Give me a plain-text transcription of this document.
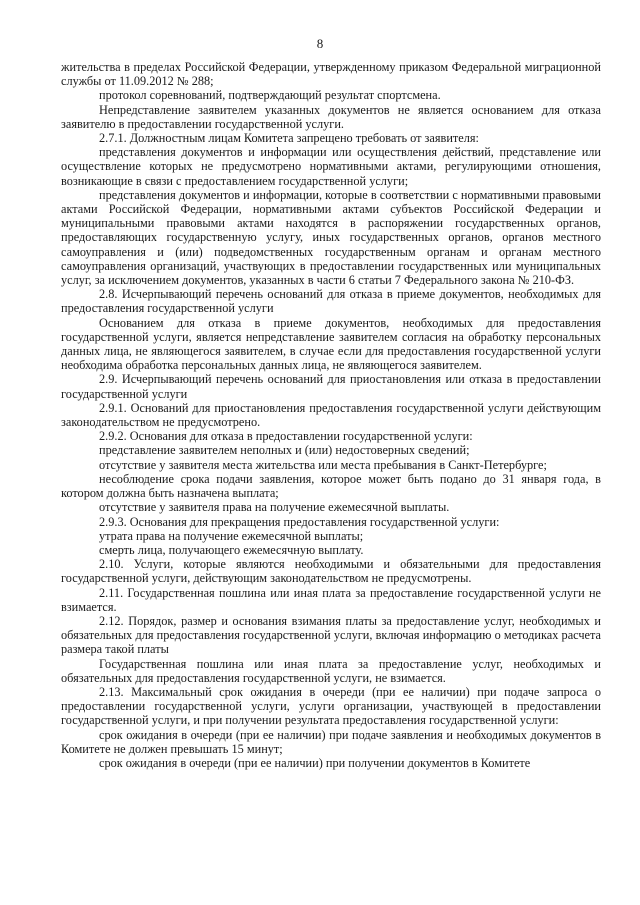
8

жительства в пределах Российской Федерации, утвержденному приказом Федеральной миграционной службы от 11.09.2012 № 288;

протокол соревнований, подтверждающий результат спортсмена.

Непредставление заявителем указанных документов не является основанием для отказа заявителю в предоставлении государственной услуги.

2.7.1. Должностным лицам Комитета запрещено требовать от заявителя:

представления документов и информации или осуществления действий, представление или осуществление которых не предусмотрено нормативными актами, регулирующими отношения, возникающие в связи с предоставлением государственной услуги;

представления документов и информации, которые в соответствии с нормативными правовыми актами Российской Федерации, нормативными актами субъектов Российской Федерации и муниципальными правовыми актами находятся в распоряжении государственных органов, предоставляющих государственную услугу, иных государственных органов, органов местного самоуправления и (или) подведомственных государственным органам и органам местного самоуправления организаций, участвующих в предоставлении государственных или муниципальных услуг, за исключением документов, указанных в части 6 статьи 7 Федерального закона № 210-ФЗ.

2.8. Исчерпывающий перечень оснований для отказа в приеме документов, необходимых для предоставления государственной услуги

Основанием для отказа в приеме документов, необходимых для предоставления государственной услуги, является непредставление заявителем согласия на обработку персональных данных лица, не являющегося заявителем, в случае если для предоставления государственной услуги необходима обработка персональных данных лица, не являющегося заявителем.

2.9. Исчерпывающий перечень оснований для приостановления или отказа в предоставлении государственной услуги

2.9.1. Оснований для приостановления предоставления государственной услуги действующим законодательством не предусмотрено.

2.9.2. Основания для отказа в предоставлении государственной услуги:

представление заявителем неполных и (или) недостоверных сведений;

отсутствие у заявителя места жительства или места пребывания в Санкт-Петербурге;

несоблюдение срока подачи заявления, которое может быть подано до 31 января года, в котором должна быть назначена выплата;

отсутствие у заявителя права на получение ежемесячной выплаты.

2.9.3. Основания для прекращения предоставления государственной услуги:

утрата права на получение ежемесячной выплаты;

смерть лица, получающего ежемесячную выплату.

2.10. Услуги, которые являются необходимыми и обязательными для предоставления государственной услуги, действующим законодательством не предусмотрены.

2.11. Государственная пошлина или иная плата за предоставление государственной услуги не взимается.

2.12. Порядок, размер и основания взимания платы за предоставление услуг, необходимых и обязательных для предоставления государственной услуги, включая информацию о методиках расчета размера такой платы

Государственная пошлина или иная плата за предоставление услуг, необходимых и обязательных для предоставления государственной услуги, не взимается.

2.13. Максимальный срок ожидания в очереди (при ее наличии) при подаче запроса о предоставлении государственной услуги, услуги организации, участвующей в предоставлении государственной услуги, и при получении результата предоставления государственной услуги:

срок ожидания в очереди (при ее наличии) при подаче заявления и необходимых документов в Комитете не должен превышать 15 минут;

срок ожидания в очереди (при ее наличии) при получении документов в Комитете
